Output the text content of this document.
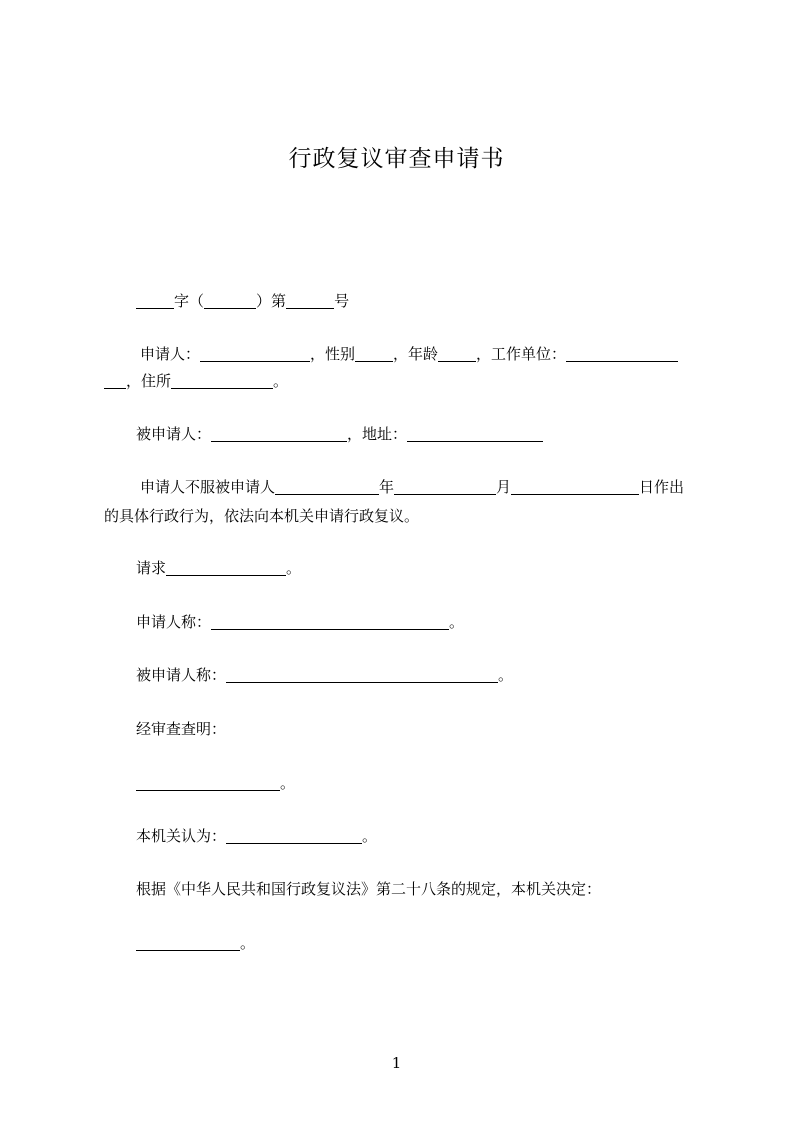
行政复议审查申请书
字（	）第	号
申请人：	，性别	，年龄	，工作单位：
，住所	。
被申请人：	，地址：
申请人不服被申请人	年	月	日作出
的具体行政行为，依法向本机关申请行政复议。
请求	。
申请人称：	。
被申请人称：	。
经审查查明：
。
本机关认为：	。
根据《中华人民共和国行政复议法》第二十八条的规定，本机关决定：
。
1
